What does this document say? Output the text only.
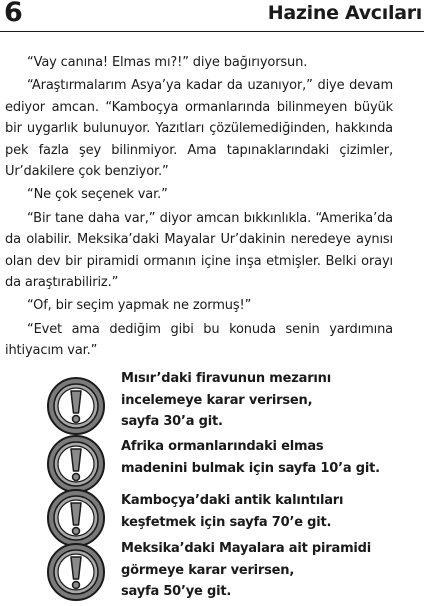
6	Hazine Avcıları

“Vay canına! Elmas mı?!” diye bağırıyorsun.

“Araştırmalarım Asya’ya kadar da uzanıyor,” diye devam ediyor amcan. “Kamboçya ormanlarında bilinmeyen büyük bir uygarlık bulunuyor. Yazıtları çözülemediğinden, hakkında pek fazla şey bilinmiyor. Ama tapınaklarındaki çizimler, Ur’dakilere çok benziyor.”

“Ne çok seçenek var.”

“Bir tane daha var,” diyor amcan bıkkınlıkla. “Amerika’da da olabilir. Meksika’daki Mayalar Ur’dakinin neredeye aynısı olan dev bir piramidi ormanın içine inşa etmişler. Belki orayı da araştırabiliriz.”

“Of, bir seçim yapmak ne zormuş!”

“Evet ama dediğim gibi bu konuda senin yardımına ihtiyacım var.”

Mısır’daki firavunun mezarını
incelemeye karar verirsen,
sayfa 30’a git.
Afrika ormanlarındaki elmas
madenini bulmak için sayfa 10’a git.
Kamboçya’daki antik kalıntıları
keşfetmek için sayfa 70’e git.
Meksika’daki Mayalara ait piramidi
görmeye karar verirsen,
sayfa 50’ye git.
